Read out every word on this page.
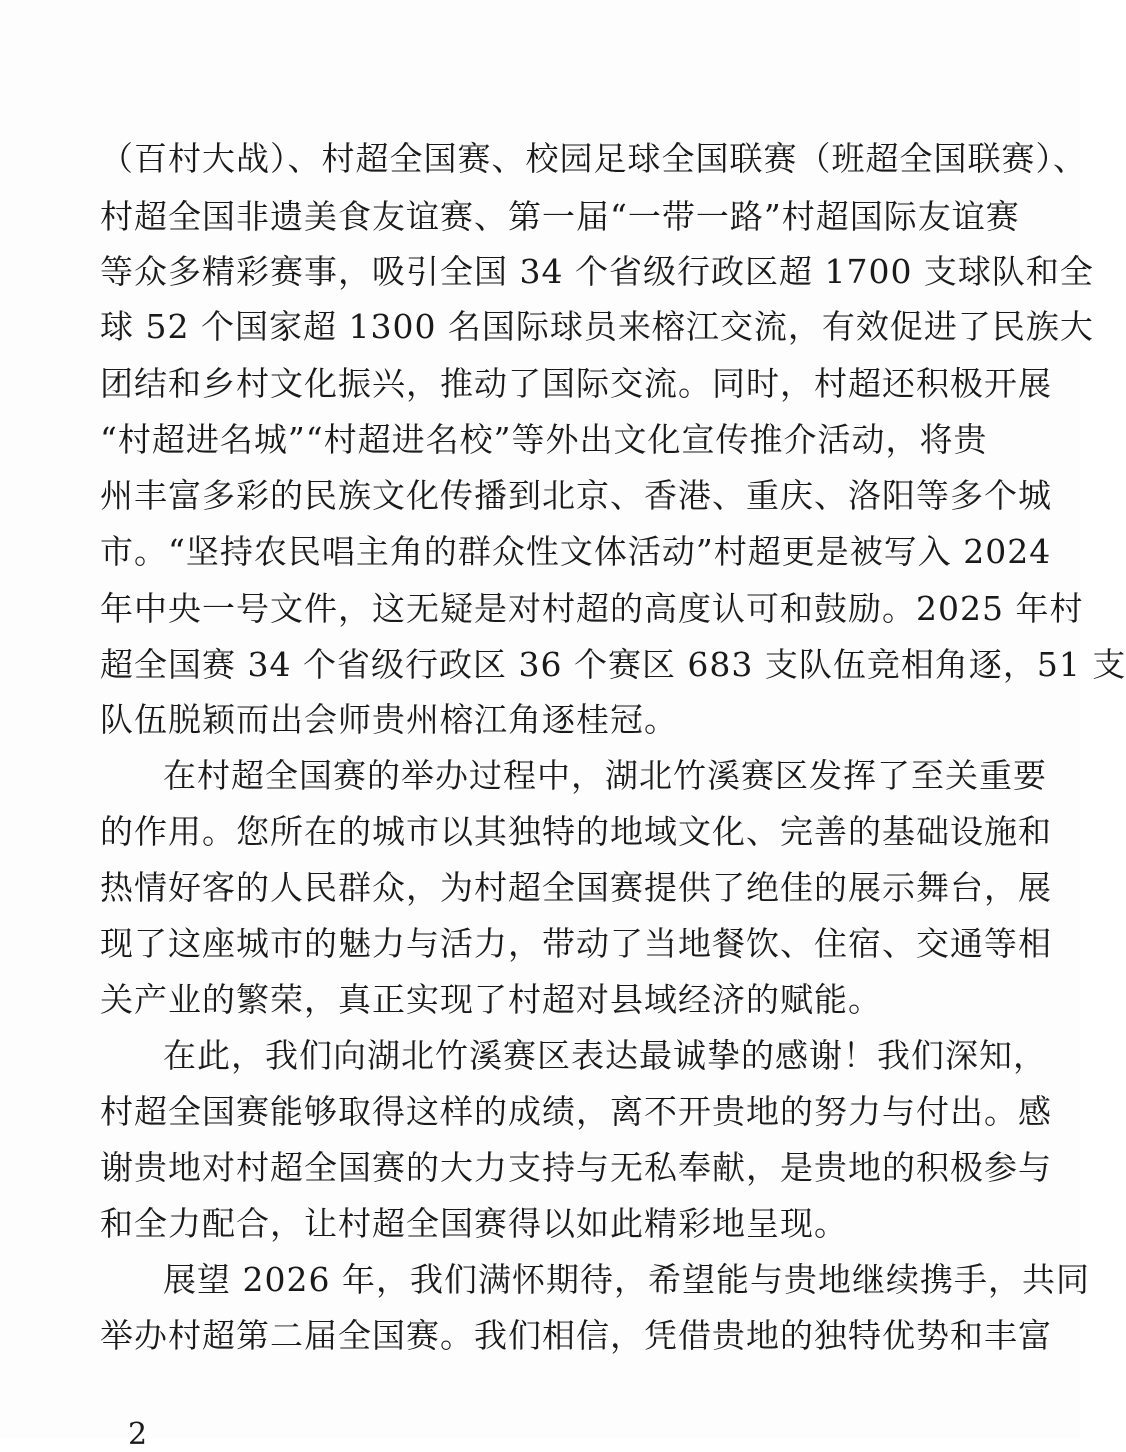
（百村大战）、村超全国赛、校园足球全国联赛（班超全国联赛）、
村超全国非遗美食友谊赛、第一届“一带一路”村超国际友谊赛
等众多精彩赛事，吸引全国 34 个省级行政区超 1700 支球队和全
球 52 个国家超 1300 名国际球员来榕江交流，有效促进了民族大
团结和乡村文化振兴，推动了国际交流。同时，村超还积极开展
“村超进名城”“村超进名校”等外出文化宣传推介活动，将贵
州丰富多彩的民族文化传播到北京、香港、重庆、洛阳等多个城
市。“坚持农民唱主角的群众性文体活动”村超更是被写入 2024
年中央一号文件，这无疑是对村超的高度认可和鼓励。2025 年村
超全国赛 34 个省级行政区 36 个赛区 683 支队伍竞相角逐，51 支
队伍脱颖而出会师贵州榕江角逐桂冠。
在村超全国赛的举办过程中，湖北竹溪赛区发挥了至关重要
的作用。您所在的城市以其独特的地域文化、完善的基础设施和
热情好客的人民群众，为村超全国赛提供了绝佳的展示舞台，展
现了这座城市的魅力与活力，带动了当地餐饮、住宿、交通等相
关产业的繁荣，真正实现了村超对县域经济的赋能。
在此，我们向湖北竹溪赛区表达最诚挚的感谢！我们深知，
村超全国赛能够取得这样的成绩，离不开贵地的努力与付出。感
谢贵地对村超全国赛的大力支持与无私奉献，是贵地的积极参与
和全力配合，让村超全国赛得以如此精彩地呈现。
展望 2026 年，我们满怀期待，希望能与贵地继续携手，共同
举办村超第二届全国赛。我们相信，凭借贵地的独特优势和丰富
2
